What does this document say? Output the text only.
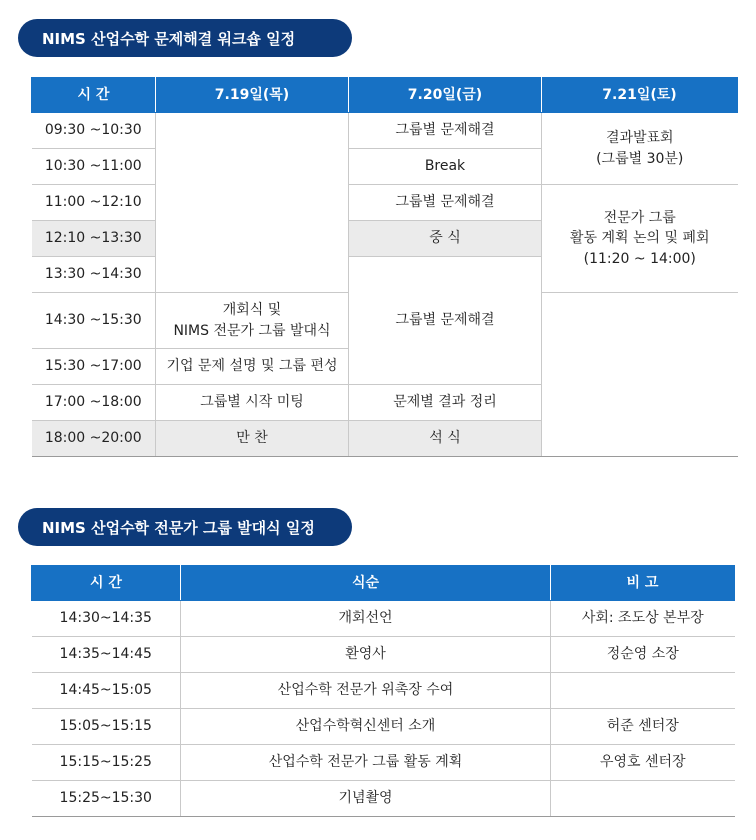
NIMS 산업수학 문제해결 워크숍 일정
시 간	7.19일(목)	7.20일(금)	7.21일(토)
09:30 ~10:30		그룹별 문제해결	결과발표회
(그룹별 30분)
10:30 ~11:00		Break	
11:00 ~12:10		그룹별 문제해결	전문가 그룹
활동 계획 논의 및 폐회
(11:20 ~ 14:00)
12:10 ~13:30		중 식	
13:30 ~14:30		그룹별 문제해결	
14:30 ~15:30	개회식 및
NIMS 전문가 그룹 발대식		
15:30 ~17:00	기업 문제 설명 및 그룹 편성		
17:00 ~18:00	그룹별 시작 미팅	문제별 결과 정리	
18:00 ~20:00	만 찬	석 식	
NIMS 산업수학 전문가 그룹 발대식 일정
시 간	식순	비 고
14:30~14:35	개회선언	사회: 조도상 본부장
14:35~14:45	환영사	정순영 소장
14:45~15:05	산업수학 전문가 위촉장 수여	
15:05~15:15	산업수학혁신센터 소개	허준 센터장
15:15~15:25	산업수학 전문가 그룹 활동 계획	우영호 센터장
15:25~15:30	기념촬영	
